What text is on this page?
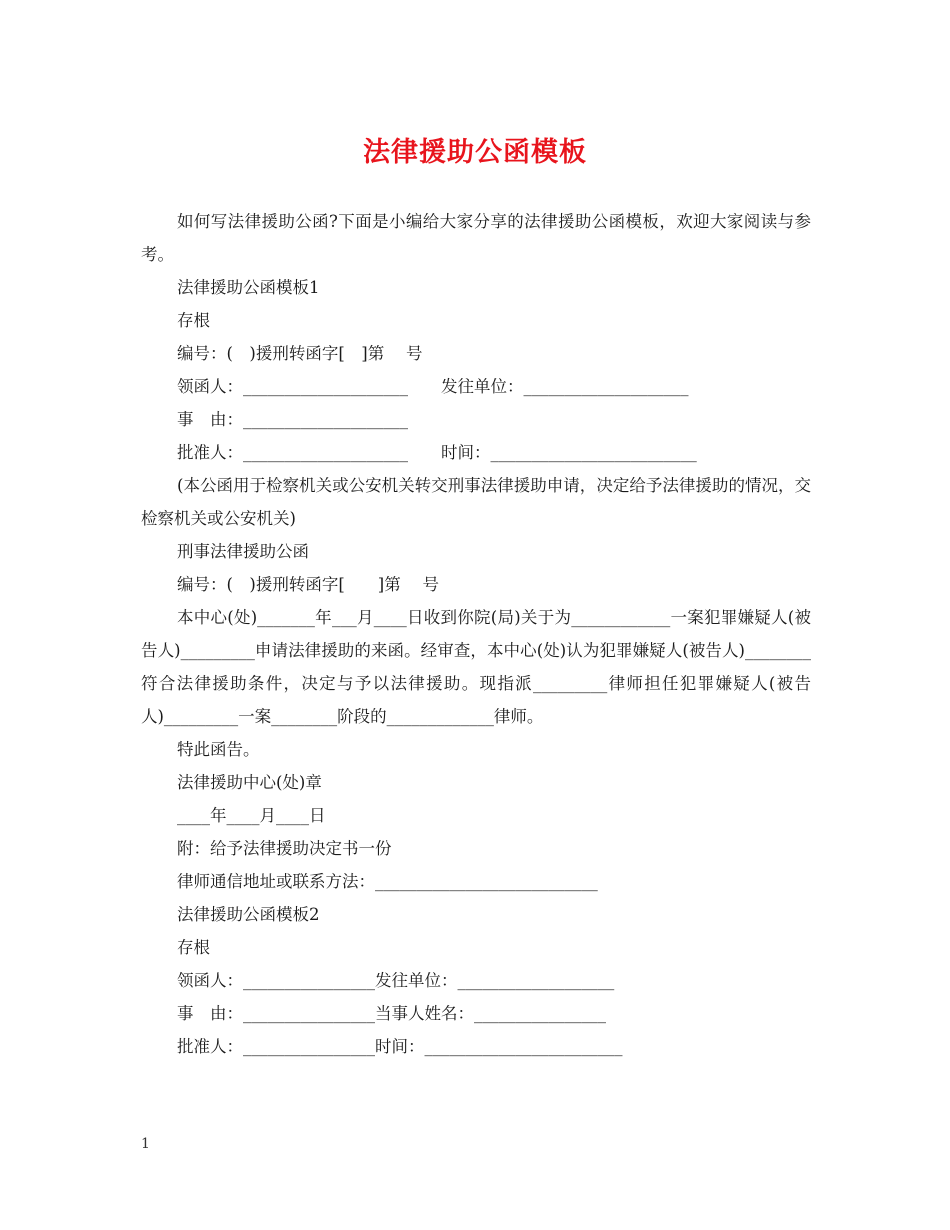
法律援助公函模板

如何写法律援助公函?下面是小编给大家分享的法律援助公函模板，欢迎大家阅读与参考。

法律援助公函模板1

存根

编号：(　)援刑转函字[　]第　 号

领函人：____________________　　发往单位：____________________

事　由：____________________

批准人：____________________　　时间：_________________________

(本公函用于检察机关或公安机关转交刑事法律援助申请，决定给予法律援助的情况，交检察机关或公安机关)

刑事法律援助公函

编号：(　)援刑转函字[　　]第　 号

本中心(处)_______年___月____日收到你院(局)关于为____________一案犯罪嫌疑人(被告人)_________申请法律援助的来函。经审查，本中心(处)认为犯罪嫌疑人(被告人)________符合法律援助条件，决定与予以法律援助。现指派_________律师担任犯罪嫌疑人(被告人)_________一案________阶段的_____________律师。

特此函告。

法律援助中心(处)章

____年____月____日

附：给予法律援助决定书一份

律师通信地址或联系方法：___________________________

法律援助公函模板2

存根

领函人：________________发往单位：___________________

事　由：________________当事人姓名：________________

批准人：________________时间：________________________

1
